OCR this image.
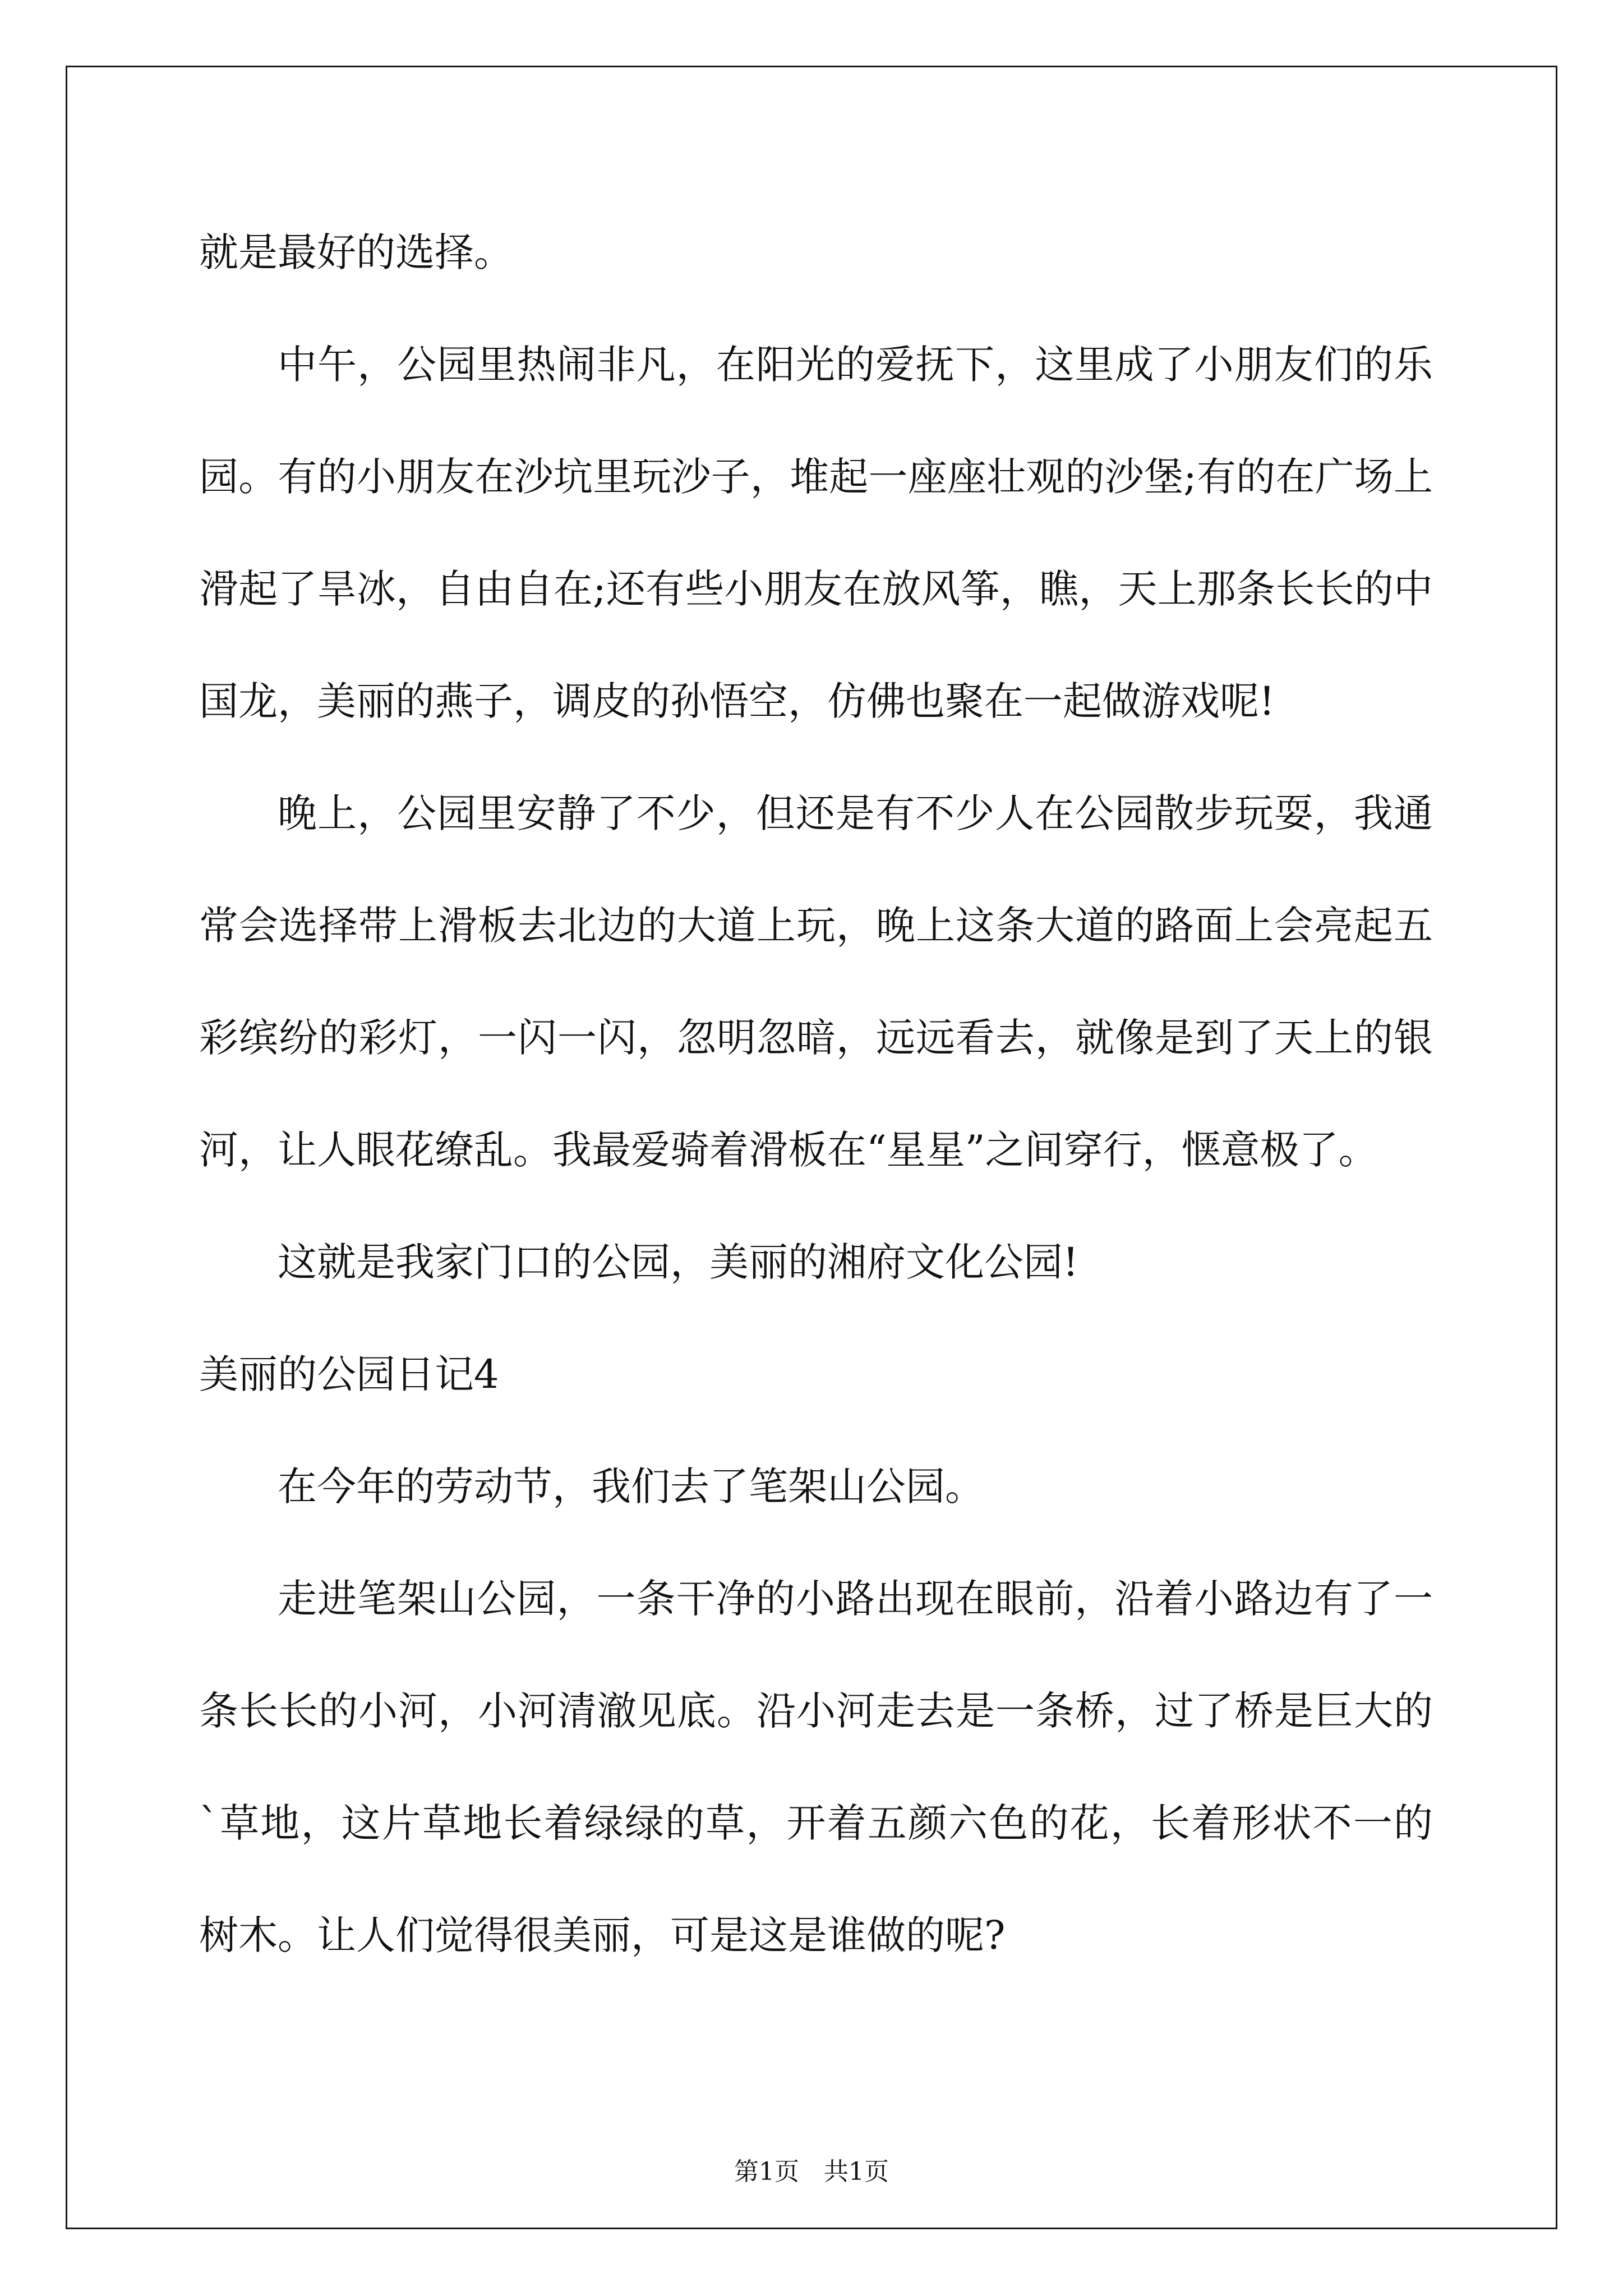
就是最好的选择。

中午，公园里热闹非凡，在阳光的爱抚下，这里成了小朋友们的乐园。有的小朋友在沙坑里玩沙子，堆起一座座壮观的沙堡;有的在广场上滑起了旱冰，自由自在;还有些小朋友在放风筝，瞧，天上那条长长的中国龙，美丽的燕子，调皮的孙悟空，仿佛也聚在一起做游戏呢!

晚上，公园里安静了不少，但还是有不少人在公园散步玩耍，我通常会选择带上滑板去北边的大道上玩，晚上这条大道的路面上会亮起五彩缤纷的彩灯，一闪一闪，忽明忽暗，远远看去，就像是到了天上的银河，让人眼花缭乱。我最爱骑着滑板在“星星”之间穿行，惬意极了。

这就是我家门口的公园，美丽的湘府文化公园!

美丽的公园日记4

在今年的劳动节，我们去了笔架山公园。

走进笔架山公园，一条干净的小路出现在眼前，沿着小路边有了一条长长的小河，小河清澈见底。沿小河走去是一条桥，过了桥是巨大的`草地，这片草地长着绿绿的草，开着五颜六色的花，长着形状不一的树木。让人们觉得很美丽，可是这是谁做的呢?

第1页 共1页
